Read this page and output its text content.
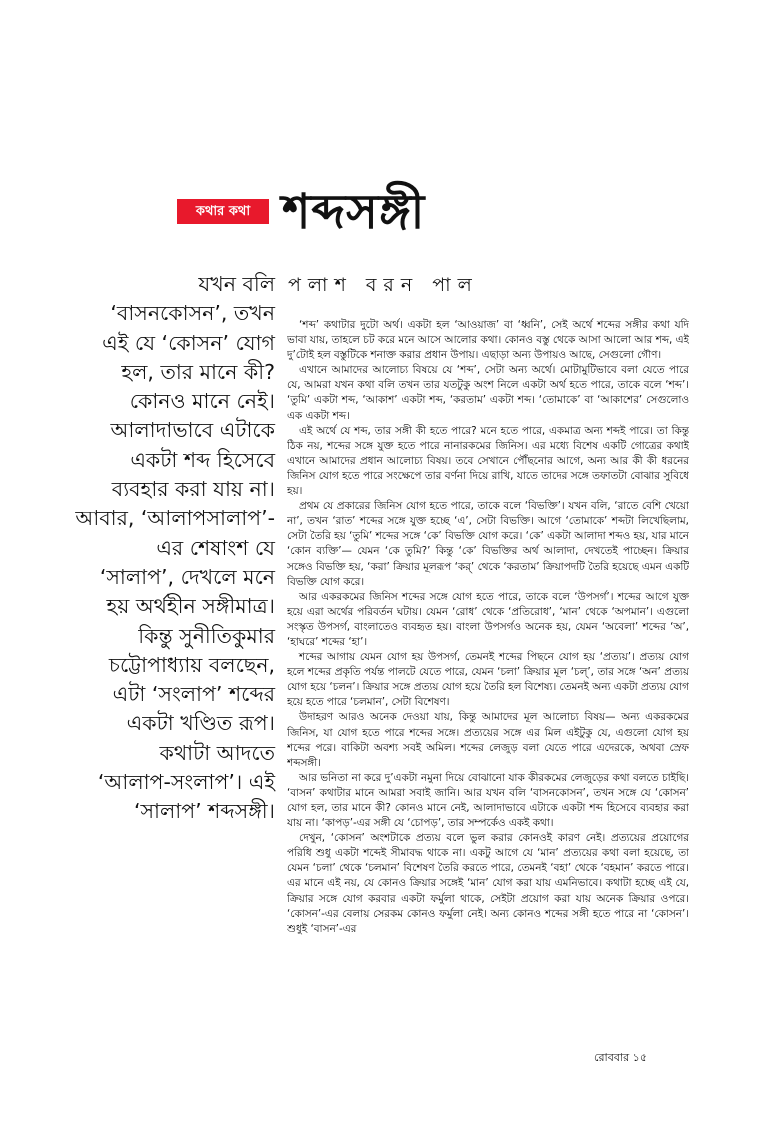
কথার কথা শব্দসঙ্গী
যখন বলি
‘বাসনকোসন’, তখন
এই যে ‘কোসন’ যোগ
হল, তার মানে কী?
কোনও মানে নেই।
আলাদাভাবে এটাকে
একটা শব্দ হিসেবে
ব্যবহার করা যায় না।
আবার, ‘আলাপসালাপ’-
এর শেষাংশ যে
‘সালাপ’, দেখলে মনে
হয় অর্থহীন সঙ্গীমাত্র।
কিন্তু সুনীতিকুমার
চট্টোপাধ্যায় বলছেন,
এটা ‘সংলাপ’ শব্দের
একটা খণ্ডিত রূপ।
কথাটা আদতে
‘আলাপ-সংলাপ’। এই
‘সালাপ’ শব্দসঙ্গী।
পলাশ বরন পাল

‘শব্দ’ কথাটার দুটো অর্থ। একটা হল ‘আওয়াজ’ বা ‘ধ্বনি’, সেই অর্থে শব্দের সঙ্গীর কথা যদি ভাবা যায়, তাহলে চট করে মনে আসে আলোর কথা। কোনও বস্তু থেকে আসা আলো আর শব্দ, এই দু’টোই হল বস্তুটিকে শনাক্ত করার প্রধান উপায়। এছাড়া অন্য উপায়ও আছে, সেগুলো গৌণ।

এখানে আমাদের আলোচ্য বিষয়ে যে ‘শব্দ’, সেটা অন্য অর্থে। মোটামুটিভাবে বলা যেতে পারে যে, আমরা যখন কথা বলি তখন তার যতটুকু অংশ নিলে একটা অর্থ হতে পারে, তাকে বলে ‘শব্দ’। ‘তুমি’ একটা শব্দ, ‘আকাশ’ একটা শব্দ, ‘করতাম’ একটা শব্দ। ‘তোমাকে’ বা ‘আকাশের’ সেগুলোও এক একটা শব্দ।

এই অর্থে যে শব্দ, তার সঙ্গী কী হতে পারে? মনে হতে পারে, একমাত্র অন্য শব্দই পারে। তা কিন্তু ঠিক নয়, শব্দের সঙ্গে যুক্ত হতে পারে নানারকমের জিনিস। এর মধ্যে বিশেষ একটি গোত্রের কথাই এখানে আমাদের প্রধান আলোচ্য বিষয়। তবে সেখানে পৌঁছনোর আগে, অন্য আর কী কী ধরনের জিনিস যোগ হতে পারে সংক্ষেপে তার বর্ণনা দিয়ে রাখি, যাতে তাদের সঙ্গে তফাতটা বোঝার সুবিধে হয়।

প্রথম যে প্রকারের জিনিস যোগ হতে পারে, তাকে বলে ‘বিভক্তি’। যখন বলি, ‘রাতে বেশি খেয়ো না’, তখন ‘রাত’ শব্দের সঙ্গে যুক্ত হচ্ছে ‘এ’, সেটা বিভক্তি। আগে ‘তোমাকে’ শব্দটা লিখেছিলাম, সেটা তৈরি হয় ‘তুমি’ শব্দের সঙ্গে ‘কে’ বিভক্তি যোগ করে। ‘কে’ একটা আলাদা শব্দও হয়, যার মানে ‘কোন ব্যক্তি’— যেমন ‘কে তুমি?’ কিন্তু ‘কে’ বিভক্তির অর্থ আলাদা, দেখতেই পাচ্ছেন। ক্রিয়ার সঙ্গেও বিভক্তি হয়, ‘করা’ ক্রিয়ার মূলরূপ ‘কর্’ থেকে ‘করতাম’ ক্রিয়াপদটি তৈরি হয়েছে এমন একটি বিভক্তি যোগ করে।

আর একরকমের জিনিস শব্দের সঙ্গে যোগ হতে পারে, তাকে বলে ‘উপসর্গ’। শব্দের আগে যুক্ত হয়ে এরা অর্থের পরিবর্তন ঘটায়। যেমন ‘রোধ’ থেকে ‘প্রতিরোধ’, ‘মান’ থেকে ‘অপমান’। এগুলো সংস্কৃত উপসর্গ, বাংলাতেও ব্যবহৃত হয়। বাংলা উপসর্গও অনেক হয়, যেমন ‘অবেলা’ শব্দের ‘অ’, ‘হাঘরে’ শব্দের ‘হা’।

শব্দের আগায় যেমন যোগ হয় উপসর্গ, তেমনই শব্দের পিছনে যোগ হয় ‘প্রত্যয়’। প্রত্যয় যোগ হলে শব্দের প্রকৃতি পর্যন্ত পালটে যেতে পারে, যেমন ‘চলা’ ক্রিয়ার মূল ‘চল্’, তার সঙ্গে ‘অন’ প্রত্যয় যোগ হয়ে ‘চলন’। ক্রিয়ার সঙ্গে প্রত্যয় যোগ হয়ে তৈরি হল বিশেষ্য। তেমনই অন্য একটা প্রত্যয় যোগ হয়ে হতে পারে ‘চলমান’, সেটা বিশেষণ।

উদাহরণ আরও অনেক দেওয়া যায়, কিন্তু আমাদের মূল আলোচ্য বিষয়— অন্য একরকমের জিনিস, যা যোগ হতে পারে শব্দের সঙ্গে। প্রত্যয়ের সঙ্গে এর মিল এইটুকু যে, এগুলো যোগ হয় শব্দের পরে। বাকিটা অবশ্য সবই অমিল। শব্দের লেজুড় বলা যেতে পারে এদেরকে, অথবা স্রেফ শব্দসঙ্গী।

আর ভনিতা না করে দু’একটা নমুনা দিয়ে বোঝানো যাক কীরকমের লেজুড়ের কথা বলতে চাইছি। ‘বাসন’ কথাটার মানে আমরা সবাই জানি। আর যখন বলি ‘বাসনকোসন’, তখন সঙ্গে যে ‘কোসন’ যোগ হল, তার মানে কী? কোনও মানে নেই, আলাদাভাবে এটাকে একটা শব্দ হিসেবে ব্যবহার করা যায় না। ‘কাপড়’-এর সঙ্গী যে ‘চোপড়’, তার সম্পর্কেও একই কথা।

দেখুন, ‘কোসন’ অংশটাকে প্রত্যয় বলে ভুল করার কোনওই কারণ নেই। প্রত্যয়ের প্রয়োগের পরিধি শুধু একটা শব্দেই সীমাবদ্ধ থাকে না। একটু আগে যে ‘মান’ প্রত্যয়ের কথা বলা হয়েছে, তা যেমন ‘চলা’ থেকে ‘চলমান’ বিশেষণ তৈরি করতে পারে, তেমনই ‘বহা’ থেকে ‘বহমান’ করতে পারে। এর মানে এই নয়, যে কোনও ক্রিয়ার সঙ্গেই ‘মান’ যোগ করা যায় এমনিভাবে। কথাটা হচ্ছে এই যে, ক্রিয়ার সঙ্গে যোগ করবার একটা ফর্মুলা থাকে, সেইটা প্রয়োগ করা যায় অনেক ক্রিয়ার ওপরে। ‘কোসন’-এর বেলায় সেরকম কোনও ফর্মুলা নেই। অন্য কোনও শব্দের সঙ্গী হতে পারে না ‘কোসন’। শুধুই ‘বাসন’-এর

রোববার ১৫
